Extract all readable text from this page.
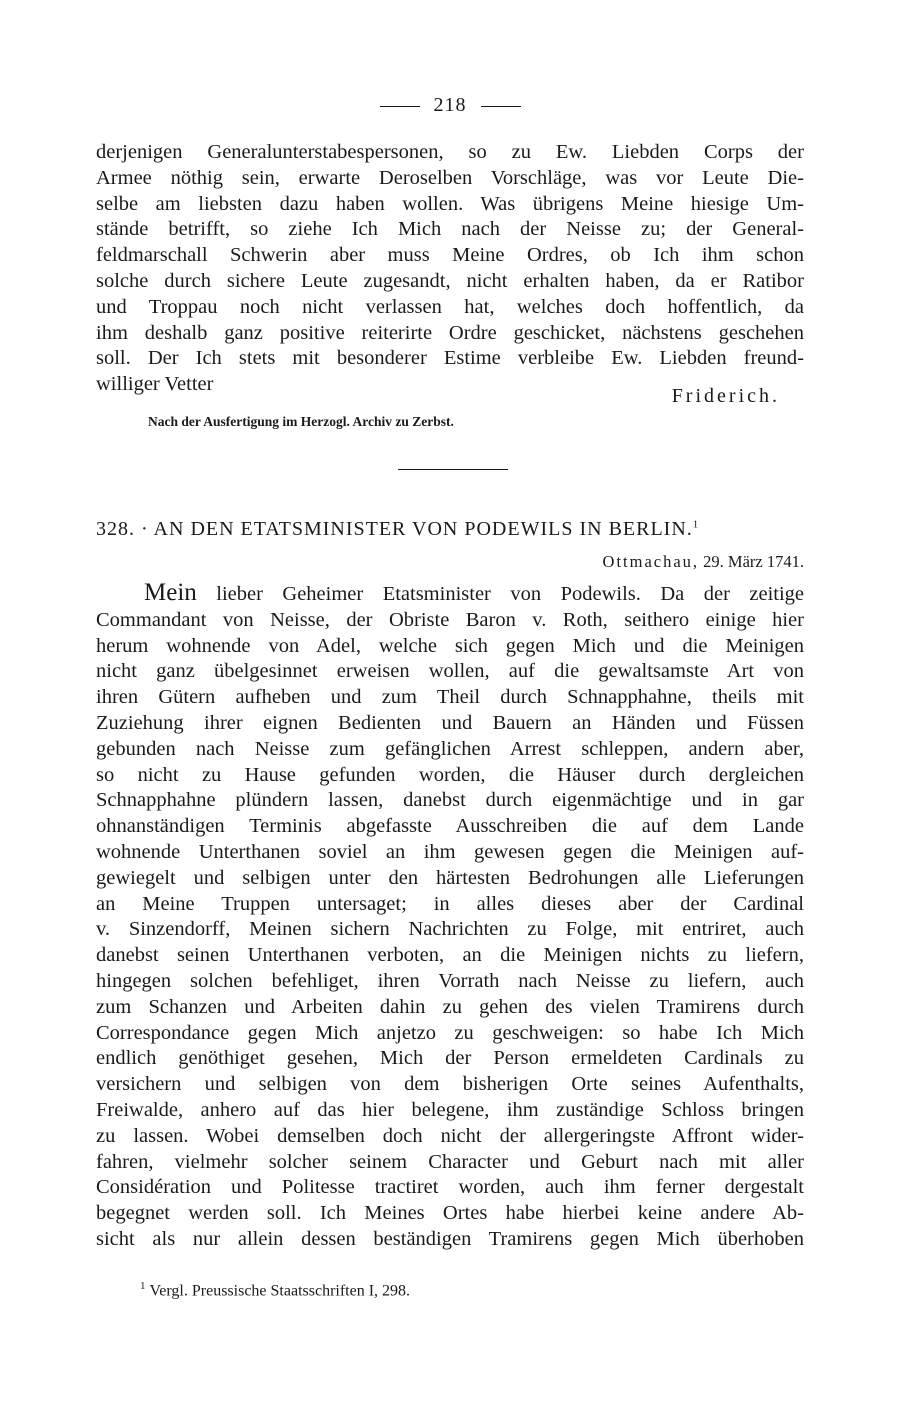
218
derjenigen Generalunterstabespersonen, so zu Ew. Liebden Corps der
Armee nöthig sein, erwarte Deroselben Vorschläge, was vor Leute Die-
selbe am liebsten dazu haben wollen. Was übrigens Meine hiesige Um-
stände betrifft, so ziehe Ich Mich nach der Neisse zu; der General-
feldmarschall Schwerin aber muss Meine Ordres, ob Ich ihm schon
solche durch sichere Leute zugesandt, nicht erhalten haben, da er Ratibor
und Troppau noch nicht verlassen hat, welches doch hoffentlich, da
ihm deshalb ganz positive reiterirte Ordre geschicket, nächstens geschehen
soll. Der Ich stets mit besonderer Estime verbleibe Ew. Liebden freund-
williger Vetter
Friderich.
Nach der Ausfertigung im Herzogl. Archiv zu Zerbst.
328. · AN DEN ETATSMINISTER VON PODEWILS IN BERLIN.$^1$
Ottmachau, 29. März 1741.
Mein lieber Geheimer Etatsminister von Podewils. Da der zeitige
Commandant von Neisse, der Obriste Baron v. Roth, seithero einige hier
herum wohnende von Adel, welche sich gegen Mich und die Meinigen
nicht ganz übelgesinnet erweisen wollen, auf die gewaltsamste Art von
ihren Gütern aufheben und zum Theil durch Schnapphahne, theils mit
Zuziehung ihrer eignen Bedienten und Bauern an Händen und Füssen
gebunden nach Neisse zum gefänglichen Arrest schleppen, andern aber,
so nicht zu Hause gefunden worden, die Häuser durch dergleichen
Schnapphahne plündern lassen, danebst durch eigenmächtige und in gar
ohnanständigen Terminis abgefasste Ausschreiben die auf dem Lande
wohnende Unterthanen soviel an ihm gewesen gegen die Meinigen auf-
gewiegelt und selbigen unter den härtesten Bedrohungen alle Lieferungen
an Meine Truppen untersaget; in alles dieses aber der Cardinal
v. Sinzendorff, Meinen sichern Nachrichten zu Folge, mit entriret, auch
danebst seinen Unterthanen verboten, an die Meinigen nichts zu liefern,
hingegen solchen befehliget, ihren Vorrath nach Neisse zu liefern, auch
zum Schanzen und Arbeiten dahin zu gehen des vielen Tramirens durch
Correspondance gegen Mich anjetzo zu geschweigen: so habe Ich Mich
endlich genöthiget gesehen, Mich der Person ermeldeten Cardinals zu
versichern und selbigen von dem bisherigen Orte seines Aufenthalts,
Freiwalde, anhero auf das hier belegene, ihm zuständige Schloss bringen
zu lassen. Wobei demselben doch nicht der allergeringste Affront wider-
fahren, vielmehr solcher seinem Character und Geburt nach mit aller
Considération und Politesse tractiret worden, auch ihm ferner dergestalt
begegnet werden soll. Ich Meines Ortes habe hierbei keine andere Ab-
sicht als nur allein dessen beständigen Tramirens gegen Mich überhoben
$^1$ Vergl. Preussische Staatsschriften I, 298.
